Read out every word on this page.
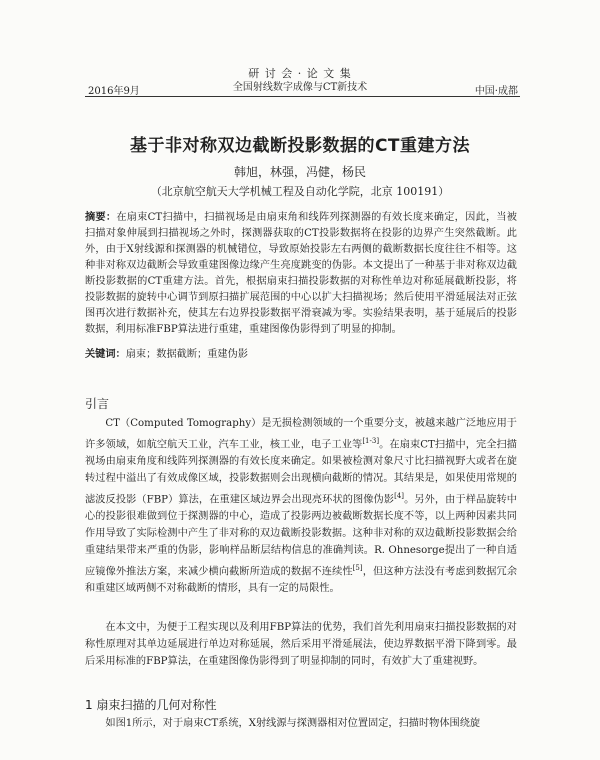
2016年9月
研 讨 会 · 论 文 集
全国射线数字成像与CT新技术	中国·成都
基于非对称双边截断投影数据的CT重建方法
韩旭，林强，冯健，杨民
（北京航空航天大学机械工程及自动化学院，北京 100191）
摘要：在扇束CT扫描中，扫描视场是由扇束角和线阵列探测器的有效长度来确定，因此，当被扫描对象伸展到扫描视场之外时，探测器获取的CT投影数据将在投影的边界产生突然截断。此外，由于X射线源和探测器的机械错位，导致原始投影左右两侧的截断数据长度往往不相等。这种非对称双边截断会导致重建图像边缘产生亮度跳变的伪影。本文提出了一种基于非对称双边截断投影数据的CT重建方法。首先，根据扇束扫描投影数据的对称性单边对称延展截断投影，将投影数据的旋转中心调节到原扫描扩展范围的中心以扩大扫描视场；然后使用平滑延展法对正弦图再次进行数据补充，使其左右边界投影数据平滑衰减为零。实验结果表明，基于延展后的投影数据，利用标准FBP算法进行重建，重建图像伪影得到了明显的抑制。
关键词：扇束；数据截断；重建伪影
引言
CT（Computed Tomography）是无损检测领域的一个重要分支，被越来越广泛地应用于许多领域，如航空航天工业，汽车工业，核工业，电子工业等[1-3]。在扇束CT扫描中，完全扫描视场由扇束角度和线阵列探测器的有效长度来确定。如果被检测对象尺寸比扫描视野大或者在旋转过程中溢出了有效成像区域，投影数据则会出现横向截断的情况。其结果是，如果使用常规的滤波反投影（FBP）算法，在重建区域边界会出现亮环状的图像伪影[4]。另外，由于样品旋转中心的投影很难做到位于探测器的中心，造成了投影两边被截断数据长度不等，以上两种因素共同作用导致了实际检测中产生了非对称的双边截断投影数据。这种非对称的双边截断投影数据会给重建结果带来严重的伪影，影响样品断层结构信息的准确判读。R. Ohnesorge提出了一种自适应镜像外推法方案，来减少横向截断所造成的数据不连续性[5]，但这种方法没有考虑到数据冗余和重建区域两侧不对称截断的情形，具有一定的局限性。
在本文中，为便于工程实现以及利用FBP算法的优势，我们首先利用扇束扫描投影数据的对称性原理对其单边延展进行单边对称延展，然后采用平滑延展法，使边界数据平滑下降到零。最后采用标准的FBP算法，在重建图像伪影得到了明显抑制的同时，有效扩大了重建视野。
1 扇束扫描的几何对称性
如图1所示，对于扇束CT系统，X射线源与探测器相对位置固定，扫描时物体围绕旋
